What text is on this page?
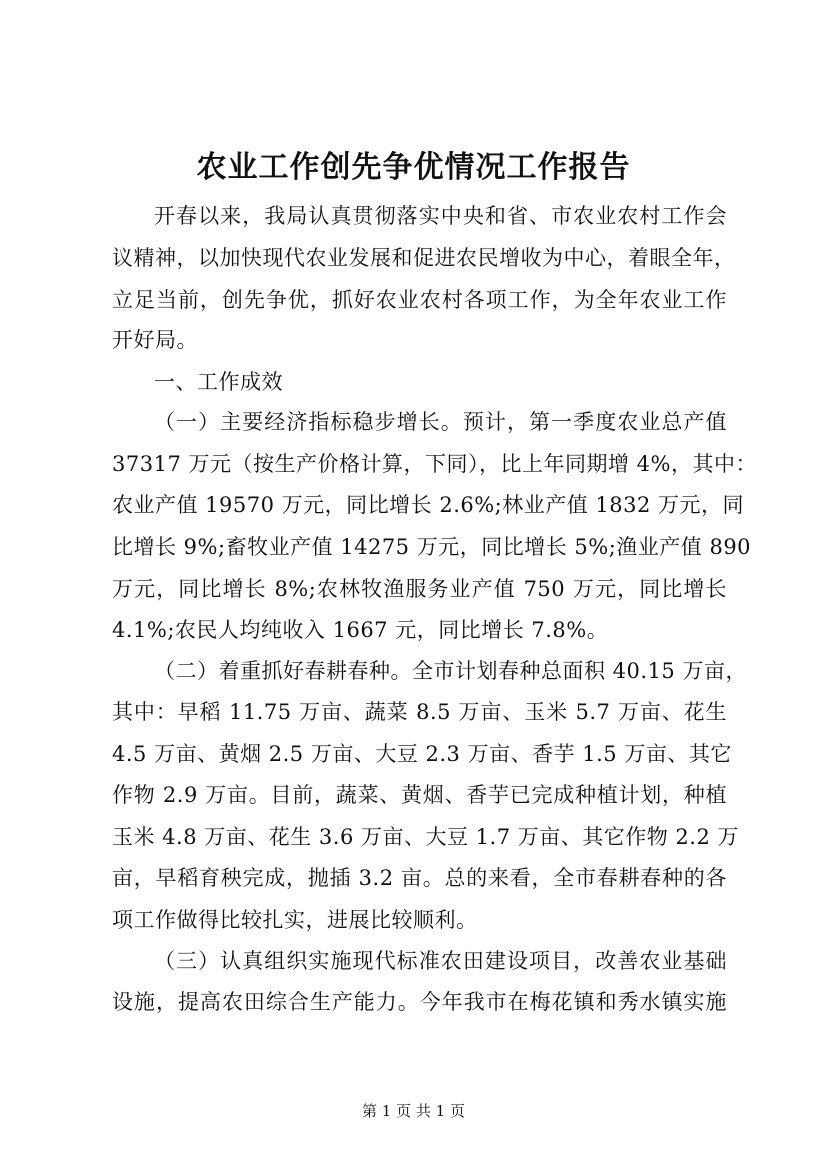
农业工作创先争优情况工作报告
开春以来，我局认真贯彻落实中央和省、市农业农村工作会
议精神，以加快现代农业发展和促进农民增收为中心，着眼全年，
立足当前，创先争优，抓好农业农村各项工作，为全年农业工作
开好局。
一、工作成效
（一）主要经济指标稳步增长。预计，第一季度农业总产值
37317 万元（按生产价格计算，下同），比上年同期增 4%，其中：
农业产值 19570 万元，同比增长 2.6%;林业产值 1832 万元，同
比增长 9%;畜牧业产值 14275 万元，同比增长 5%;渔业产值 890
万元，同比增长 8%;农林牧渔服务业产值 750 万元，同比增长
4.1%;农民人均纯收入 1667 元，同比增长 7.8%。
（二）着重抓好春耕春种。全市计划春种总面积 40.15 万亩，
其中：早稻 11.75 万亩、蔬菜 8.5 万亩、玉米 5.7 万亩、花生
4.5 万亩、黄烟 2.5 万亩、大豆 2.3 万亩、香芋 1.5 万亩、其它
作物 2.9 万亩。目前，蔬菜、黄烟、香芋已完成种植计划，种植
玉米 4.8 万亩、花生 3.6 万亩、大豆 1.7 万亩、其它作物 2.2 万
亩，早稻育秧完成，抛插 3.2 亩。总的来看，全市春耕春种的各
项工作做得比较扎实，进展比较顺利。
（三）认真组织实施现代标准农田建设项目，改善农业基础
设施，提高农田综合生产能力。今年我市在梅花镇和秀水镇实施
第 1 页 共 1 页
